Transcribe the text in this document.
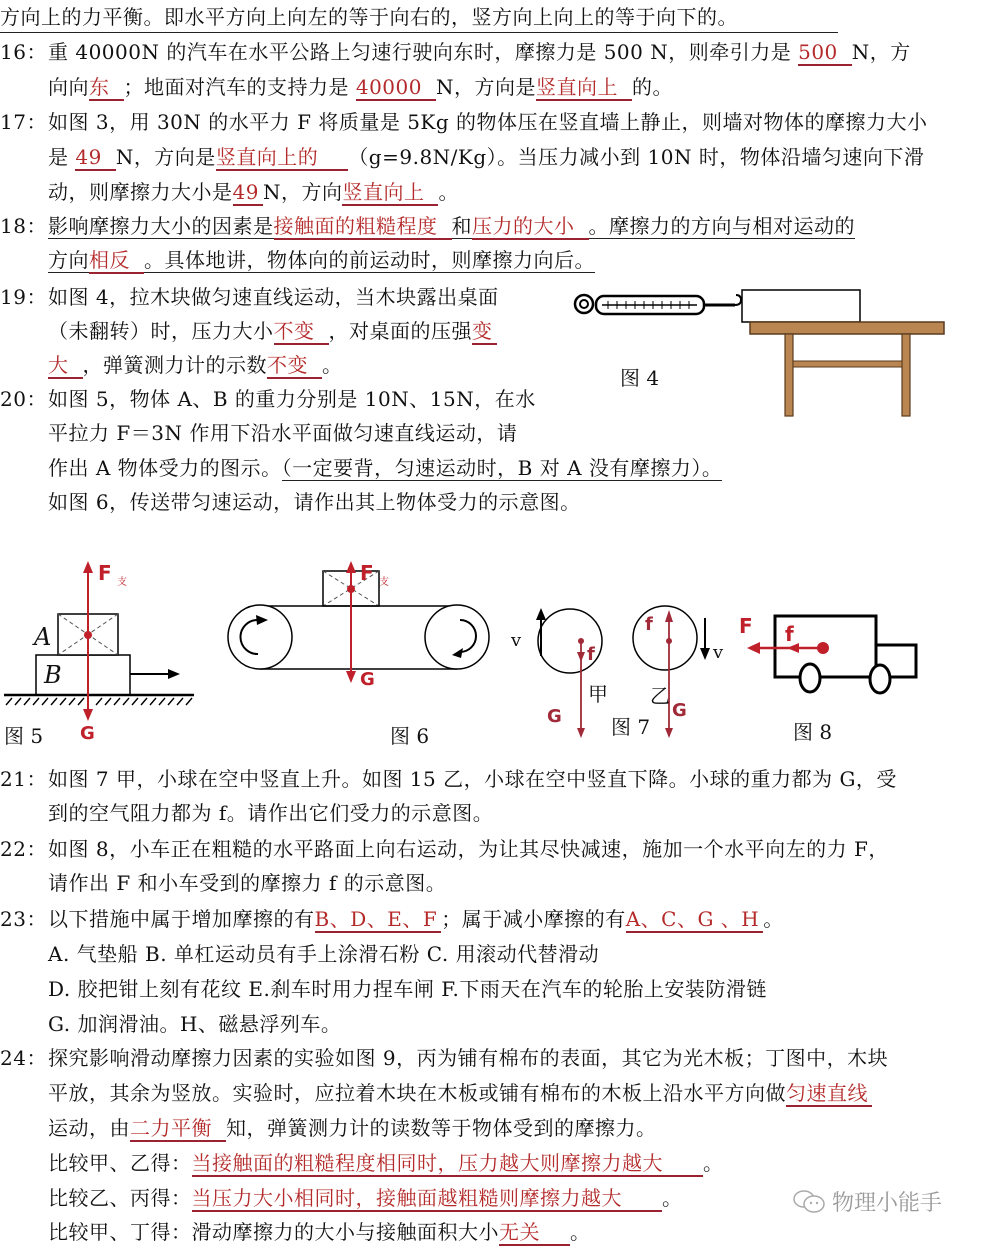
方向上的力平衡。即水平方向上向左的等于向右的，竖方向上向上的等于向下的。
16：重 40000N 的汽车在水平公路上匀速行驶向东时，摩擦力是 500 N，则牵引力是 500 N，方
向向东 ；地面对汽车的支持力是 40000 N，方向是竖直向上 的。
17：如图 3，用 30N 的水平力 F 将质量是 5Kg 的物体压在竖直墙上静止，则墙对物体的摩擦力大小
是 49 N，方向是竖直向上的 （g=9.8N/Kg）。当压力减小到 10N 时，物体沿墙匀速向下滑
动，则摩擦力大小是49 N，方向竖直向上 。
18：影响摩擦力大小的因素是接触面的粗糙程度 和压力的大小 。摩擦力的方向与相对运动的
方向相反 。具体地讲，物体向的前运动时，则摩擦力向后。
19：如图 4，拉木块做匀速直线运动，当木块露出桌面
（未翻转）时，压力大小不变 ，对桌面的压强变
大 ，弹簧测力计的示数不变 。
20：如图 5，物体 A、B 的重力分别是 10N、15N，在水
平拉力 F＝3N 作用下沿水平面做匀速直线运动，请
作出 A 物体受力的图示。（一定要背，匀速运动时，B 对 A 没有摩擦力）。
如图 6，传送带匀速运动，请作出其上物体受力的示意图。
图 4
A
B
F 支
G
图 5
F 支
G
图 6
v
f
G
甲
f
v
乙
G
图 7
F f
图 8
21：如图 7 甲，小球在空中竖直上升。如图 15 乙，小球在空中竖直下降。小球的重力都为 G，受
到的空气阻力都为 f。请作出它们受力的示意图。
22：如图 8，小车正在粗糙的水平路面上向右运动，为让其尽快减速，施加一个水平向左的力 F，
请作出 F 和小车受到的摩擦力 f 的示意图。
23：以下措施中属于增加摩擦的有B、D、E、F ；属于减小摩擦的有A、C、G 、H 。
A. 气垫船 B. 单杠运动员有手上涂滑石粉 C. 用滚动代替滑动
D. 胶把钳上刻有花纹 E.刹车时用力捏车闸 F.下雨天在汽车的轮胎上安装防滑链
G. 加润滑油。H、磁悬浮列车。
24：探究影响滑动摩擦力因素的实验如图 9，丙为铺有棉布的表面，其它为光木板；丁图中，木块
平放，其余为竖放。实验时，应拉着木块在木板或铺有棉布的木板上沿水平方向做匀速直线
运动，由二力平衡 知，弹簧测力计的读数等于物体受到的摩擦力。
比较甲、乙得：当接触面的粗糙程度相同时，压力越大则摩擦力越大 。
比较乙、丙得：当压力大小相同时，接触面越粗糙则摩擦力越大 。
比较甲、丁得：滑动摩擦力的大小与接触面积大小无关 。
物理小能手
